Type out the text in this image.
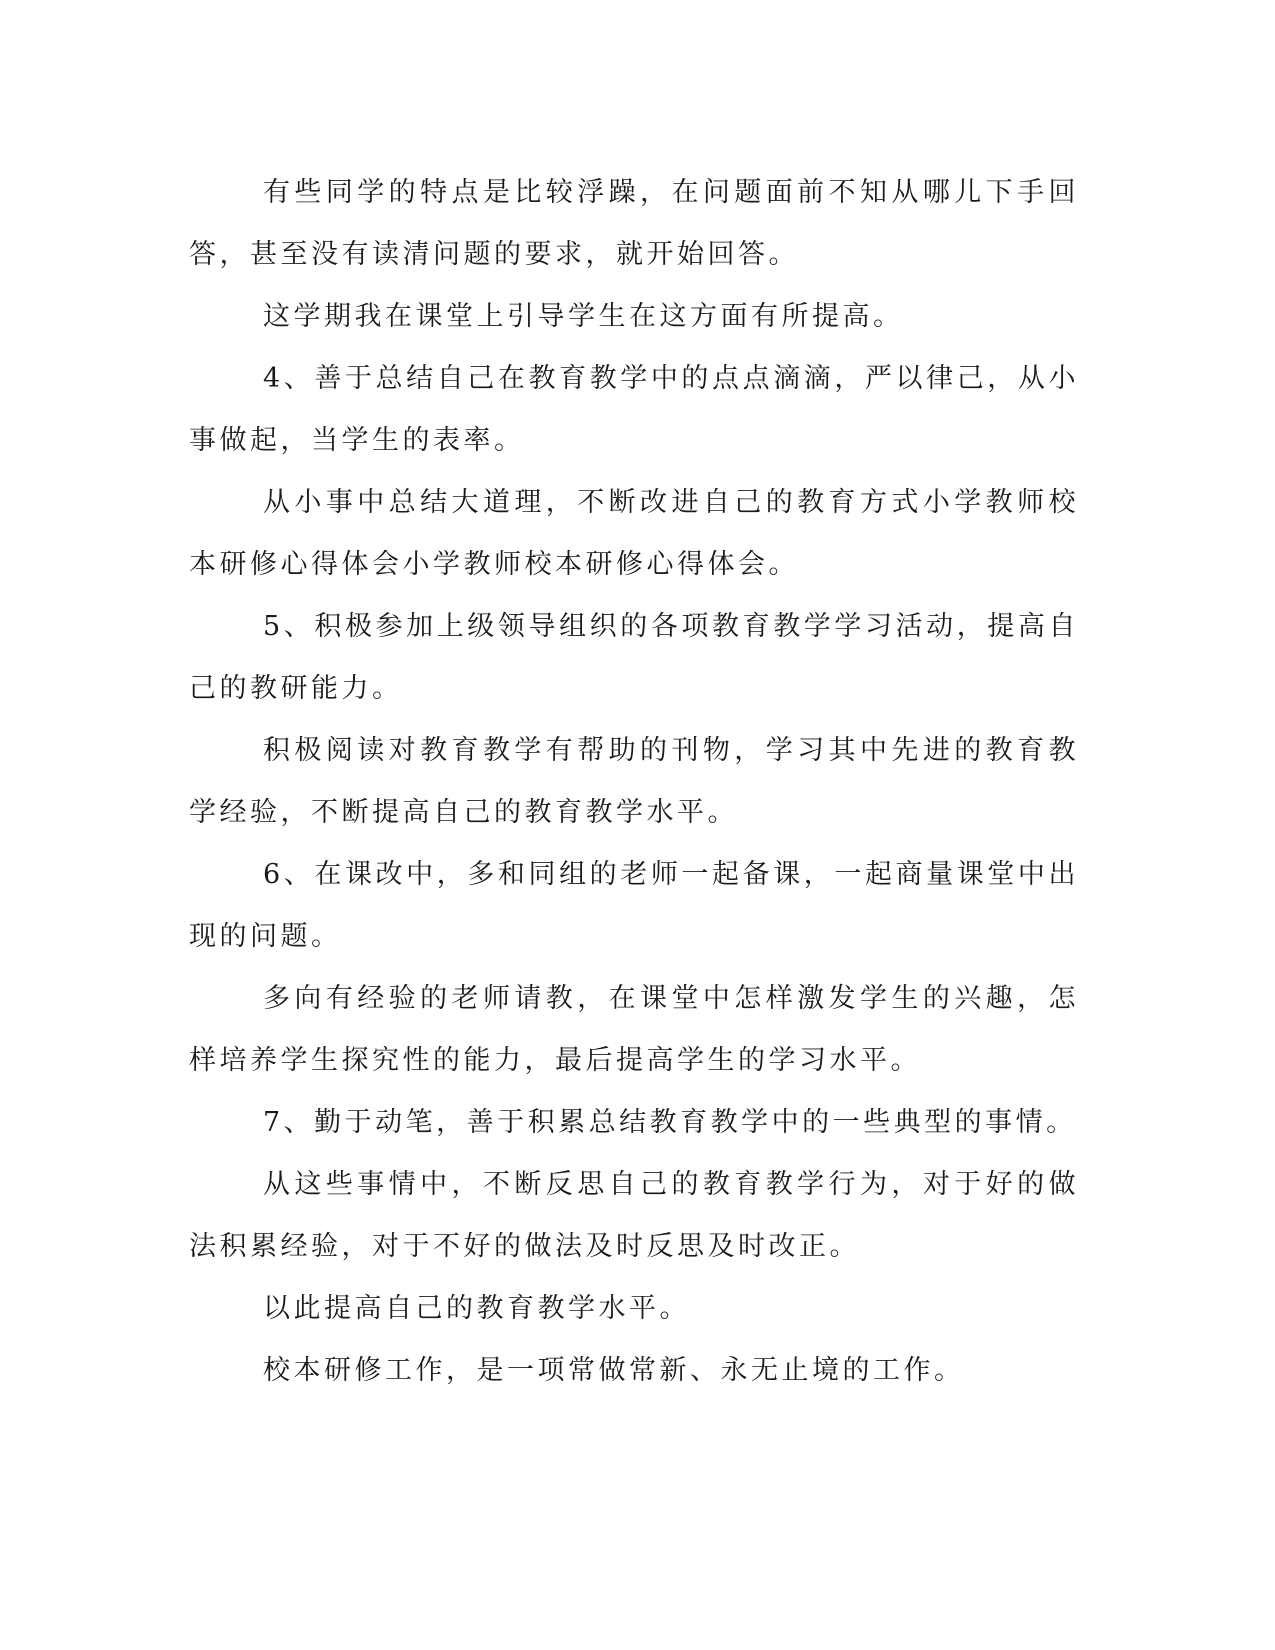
有些同学的特点是比较浮躁，在问题面前不知从哪儿下手回答，甚至没有读清问题的要求，就开始回答。

这学期我在课堂上引导学生在这方面有所提高。

4、善于总结自己在教育教学中的点点滴滴，严以律己，从小事做起，当学生的表率。

从小事中总结大道理，不断改进自己的教育方式小学教师校本研修心得体会小学教师校本研修心得体会。

5、积极参加上级领导组织的各项教育教学学习活动，提高自己的教研能力。

积极阅读对教育教学有帮助的刊物，学习其中先进的教育教学经验，不断提高自己的教育教学水平。

6、在课改中，多和同组的老师一起备课，一起商量课堂中出现的问题。

多向有经验的老师请教，在课堂中怎样激发学生的兴趣，怎样培养学生探究性的能力，最后提高学生的学习水平。

7、勤于动笔，善于积累总结教育教学中的一些典型的事情。

从这些事情中，不断反思自己的教育教学行为，对于好的做法积累经验，对于不好的做法及时反思及时改正。

以此提高自己的教育教学水平。

校本研修工作，是一项常做常新、永无止境的工作。
